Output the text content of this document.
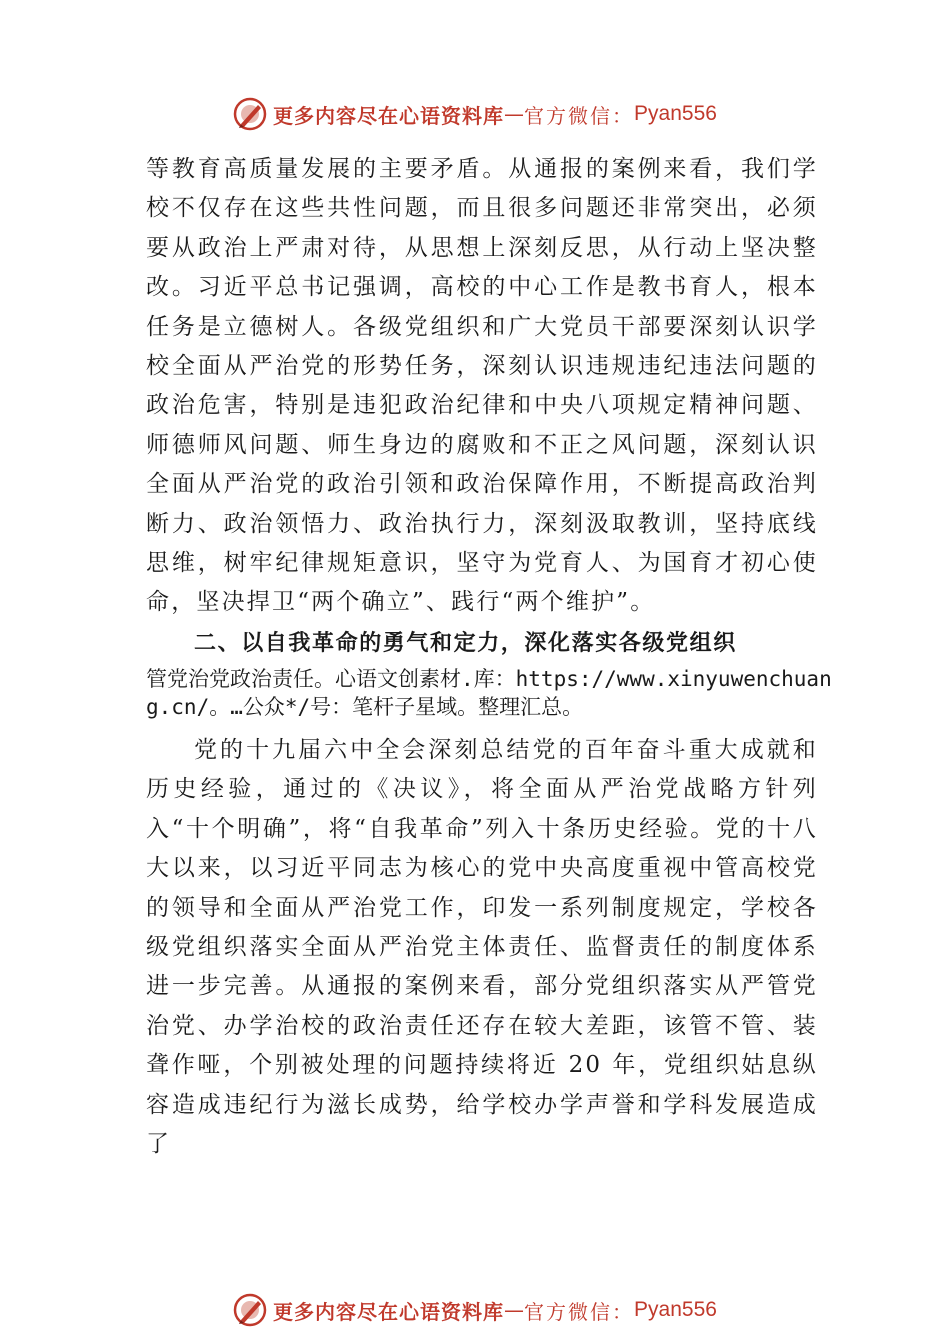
更多内容尽在心语资料库 — 官方微信： Pyan556

等教育高质量发展的主要矛盾。从通报的案例来看，我们学校不仅存在这些共性问题，而且很多问题还非常突出，必须要从政治上严肃对待，从思想上深刻反思，从行动上坚决整改。习近平总书记强调，高校的中心工作是教书育人，根本任务是立德树人。各级党组织和广大党员干部要深刻认识学校全面从严治党的形势任务，深刻认识违规违纪违法问题的政治危害，特别是违犯政治纪律和中央八项规定精神问题、 师德师风问题、师生身边的腐败和不正之风问题，深刻认识全面从严治党的政治引领和政治保障作用，不断提高政治判断力、政治领悟力、政治执行力，深刻汲取教训，坚持底线思维，树牢纪律规矩意识，坚守为党育人、为国育才初心使命，坚决捍卫“两个确立”、践行“两个维护”。

二、以自我革命的勇气和定力，深化落实各级党组织

管党治党政治责任。心语文创素材.库：https://www.xinyuwenchuang.cn/。…公众*/号：笔杆子星域。整理汇总。

党的十九届六中全会深刻总结党的百年奋斗重大成就和历史经验，通过的《决议》，将全面从严治党战略方针列入“十个明确”，将“自我革命”列入十条历史经验。党的十八大以来，以习近平同志为核心的党中央高度重视中管高校党的领导和全面从严治党工作，印发一系列制度规定，学校各级党组织落实全面从严治党主体责任、监督责任的制度体系进一步完善。从通报的案例来看，部分党组织落实从严管党治党、办学治校的政治责任还存在较大差距，该管不管、装聋作哑，个别被处理的问题持续将近 20 年，党组织姑息纵容造成违纪行为滋长成势，给学校办学声誉和学科发展造成了

更多内容尽在心语资料库 — 官方微信： Pyan556
